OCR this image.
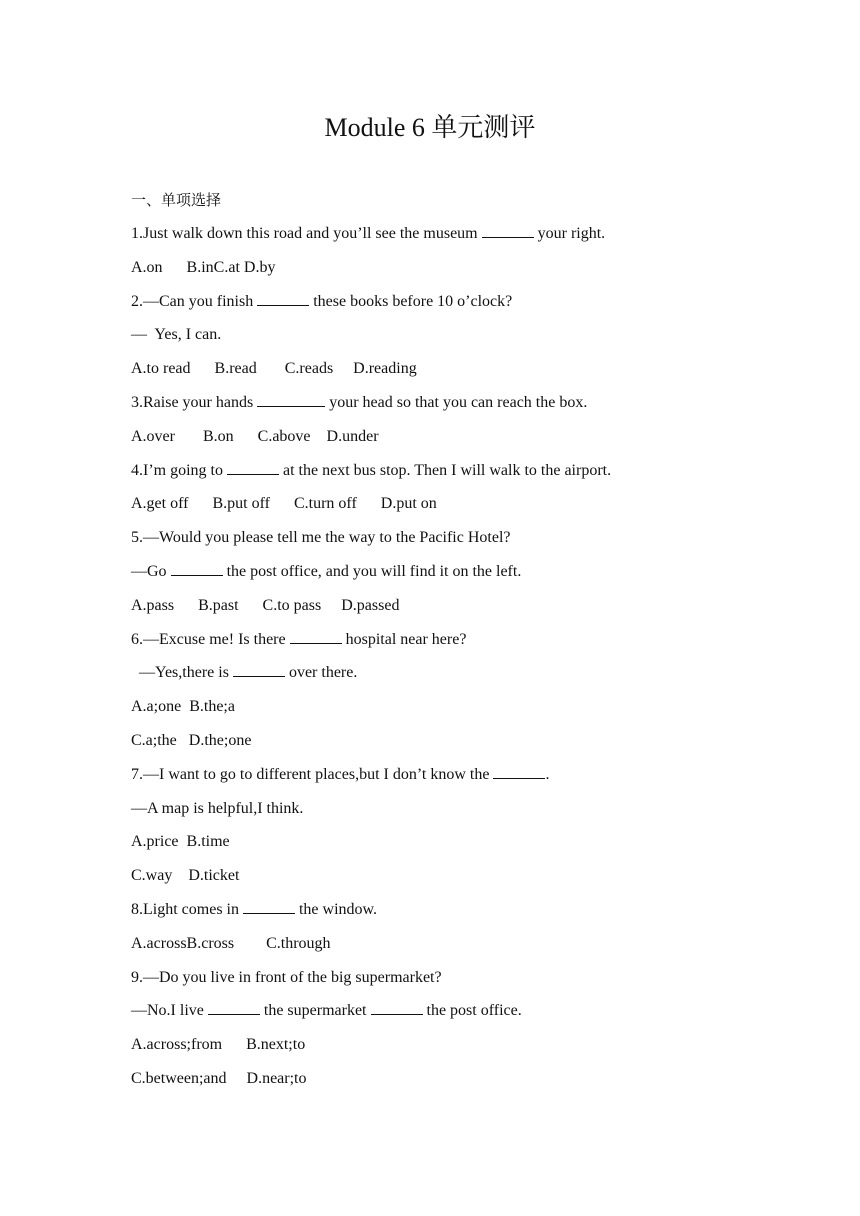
Module 6 单元测评
一、单项选择
1.Just walk down this road and you’ll see the museum	your right.
A.on      B.inC.at D.by
2.—Can you finish	these books before 10 o’clock?
—  Yes, I can.
A.to read      B.read       C.reads     D.reading
3.Raise your hands	your head so that you can reach the box.
A.over       B.on      C.above    D.under
4.I’m going to	at the next bus stop. Then I will walk to the airport.
A.get off      B.put off      C.turn off      D.put on
5.—Would you please tell me the way to the Pacific Hotel?
—Go	the post office, and you will find it on the left.
A.pass      B.past      C.to pass     D.passed
6.—Excuse me! Is there	hospital near here?
—Yes,there is	over there.
A.a;one  B.the;a
C.a;the   D.the;one
7.—I want to go to different places,but I don’t know the	.
—A map is helpful,I think.
A.price  B.time
C.way    D.ticket
8.Light comes in	the window.
A.acrossB.cross        C.through
9.—Do you live in front of the big supermarket?
—No.I live	the supermarket	the post office.
A.across;from      B.next;to
C.between;and     D.near;to
